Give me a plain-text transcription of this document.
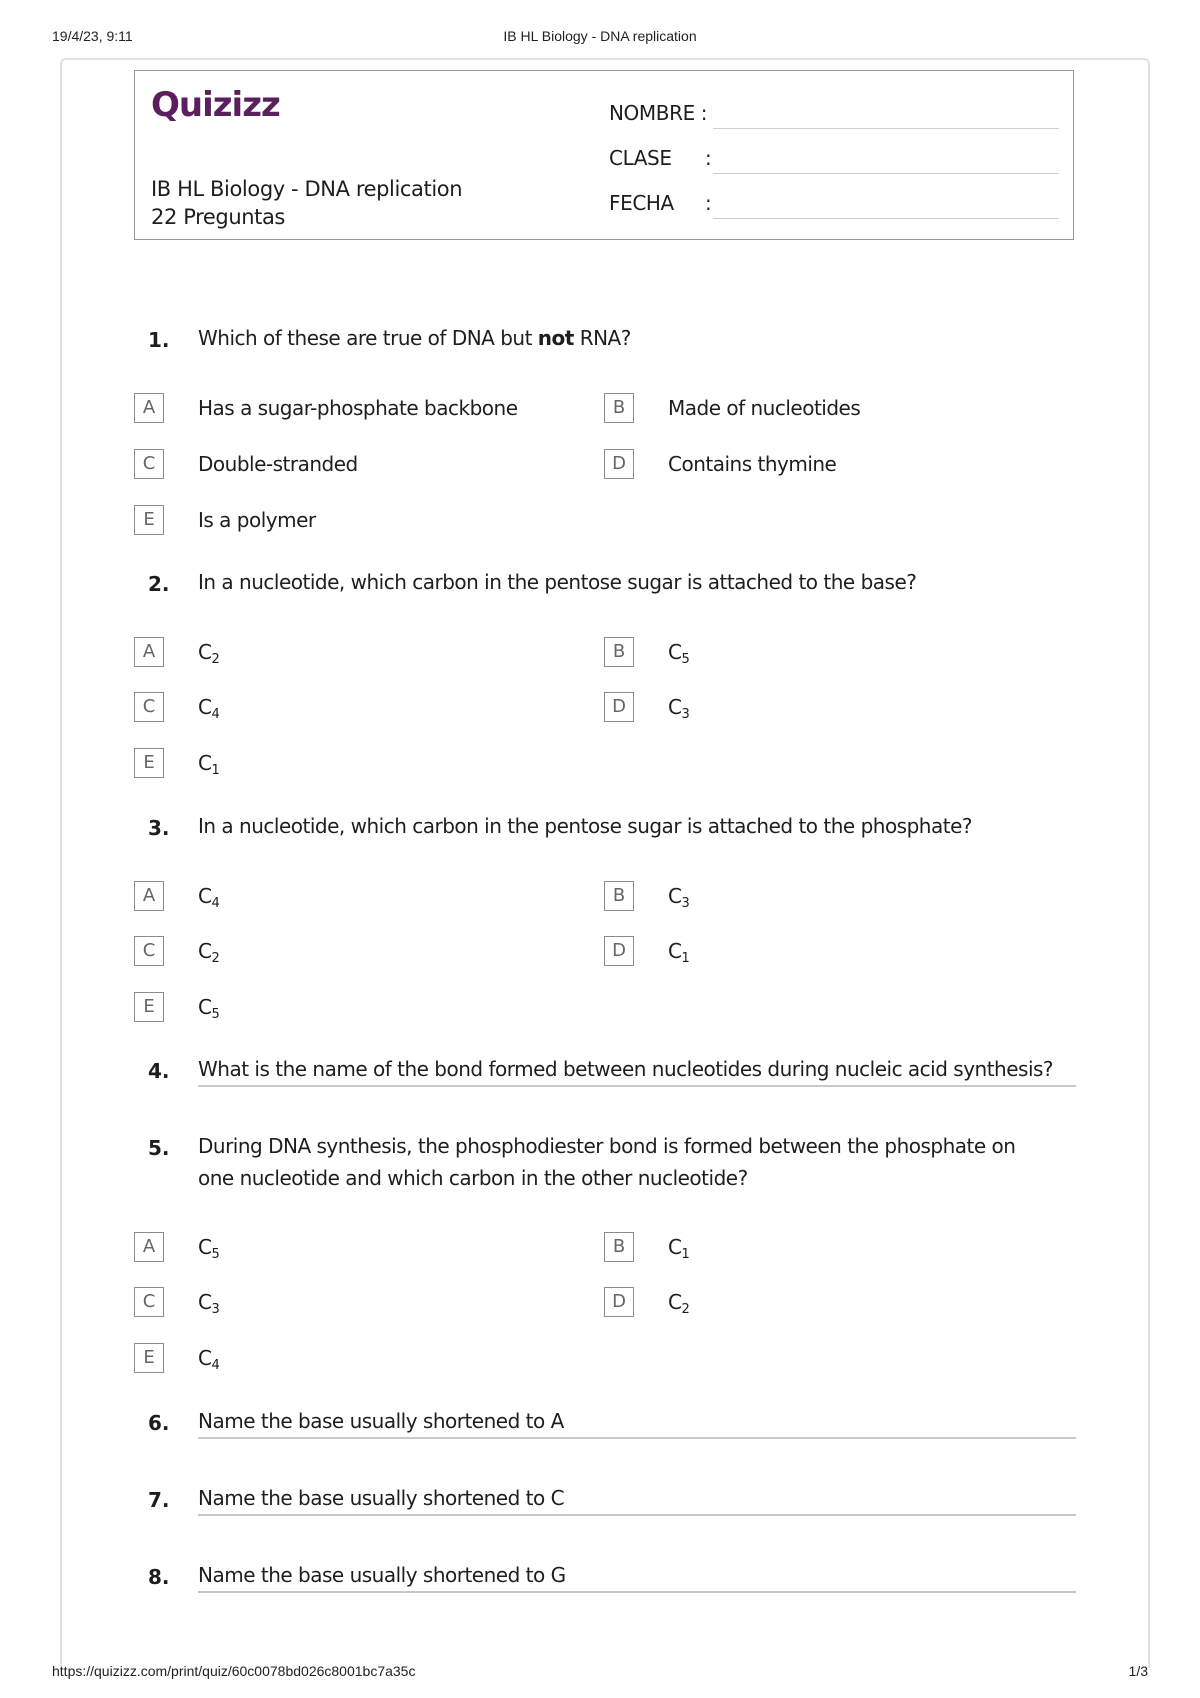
19/4/23, 9:11	IB HL Biology - DNA replication
Quizizz
IB HL Biology - DNA replication
22 Preguntas
NOMBRE :
CLASE :
FECHA :
1. Which of these are true of DNA but not RNA?
A	Has a sugar-phosphate backbone	B	Made of nucleotides
C	Double-stranded	D	Contains thymine
E	Is a polymer
2. In a nucleotide, which carbon in the pentose sugar is attached to the base?
A	$C_2$	B	$C_5$
C	$C_4$	D	$C_3$
E	$C_1$
3. In a nucleotide, which carbon in the pentose sugar is attached to the phosphate?
A	$C_4$	B	$C_3$
C	$C_2$	D	$C_1$
E	$C_5$
4. What is the name of the bond formed between nucleotides during nucleic acid synthesis?
5. During DNA synthesis, the phosphodiester bond is formed between the phosphate on
one nucleotide and which carbon in the other nucleotide?
A	$C_5$	B	$C_1$
C	$C_3$	D	$C_2$
E	$C_4$
6. Name the base usually shortened to A
7. Name the base usually shortened to C
8. Name the base usually shortened to G
https://quizizz.com/print/quiz/60c0078bd026c8001bc7a35c	1/3
